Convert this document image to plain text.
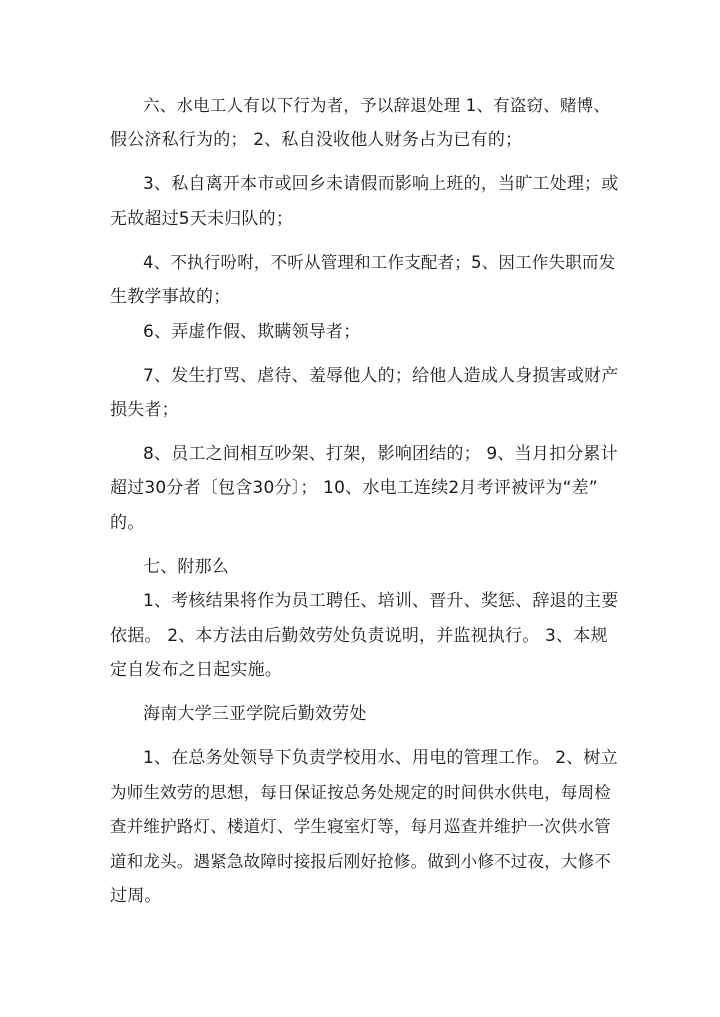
六、水电工人有以下行为者，予以辞退处理 1、有盗窃、赌博、
假公济私行为的； 2、私自没收他人财务占为已有的；
3、私自离开本市或回乡未请假而影响上班的，当旷工处理；或
无故超过5天未归队的；
4、不执行吩咐，不听从管理和工作支配者；5、因工作失职而发
生教学事故的；
6、弄虚作假、欺瞒领导者；
7、发生打骂、虐待、羞辱他人的；给他人造成人身损害或财产
损失者；
8、员工之间相互吵架、打架，影响团结的； 9、当月扣分累计
超过30分者〔包含30分〕； 10、水电工连续2月考评被评为“差”
的。
七、附那么
1、考核结果将作为员工聘任、培训、晋升、奖惩、辞退的主要
依据。 2、本方法由后勤效劳处负责说明，并监视执行。 3、本规
定自发布之日起实施。
海南大学三亚学院后勤效劳处
1、在总务处领导下负责学校用水、用电的管理工作。 2、树立
为师生效劳的思想，每日保证按总务处规定的时间供水供电，每周检
查并维护路灯、楼道灯、学生寝室灯等，每月巡查并维护一次供水管
道和龙头。遇紧急故障时接报后刚好抢修。做到小修不过夜，大修不
过周。
